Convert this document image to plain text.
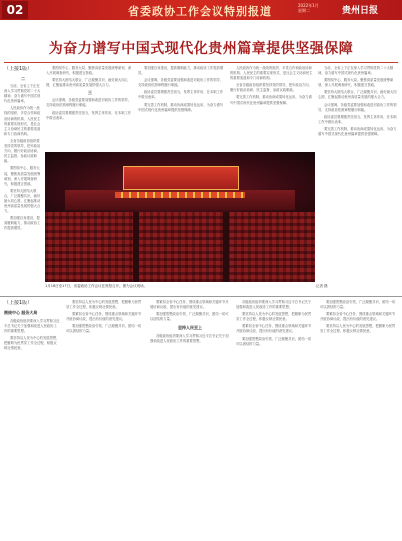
02	省委政协工作会议特别报道	2022年1月
星期二	贵州日报
为奋力谱写中国式现代化贵州篇章提供坚强保障
（上接1版）
二

当前，全省上下正在深入学习贯彻党的二十大精神，奋力谱写中国式现代化贵州篇章。

人民政协作为统一战线的组织、多党合作和政治协商的机构、人民民主的重要实现形式，是社会主义协商民主的重要渠道和专门协商机构。

全省各级政协组织要坚持党的领导，把牢政治方向，履行好政治协商、民主监督、参政议政职能。

要围绕中心、服务大局，聚焦高质量发展统筹谋划，深入开展调查研究，积极建言资政。

要坚持大团结大联合，广泛凝聚共识，画好最大同心圆，汇聚起推动贵州高质量发展的强大合力。

要加强自身建设，提高履职能力，推动政协工作提质增效。

要围绕中心、服务大局，聚焦高质量发展统筹谋划，深入开展调查研究，积极建言资政。

要坚持大团结大联合，广泛凝聚共识，画好最大同心圆，汇聚起推动贵州高质量发展的强大合力。

三

会议强调，各级党委要加强和改进对政协工作的领导，支持政协依照章程履行职能。

政协委员要增强责任担当，发挥主体作用，在本职工作中做出表率。

要加强自身建设，提高履职能力，推动政协工作提质增效。

会议强调，各级党委要加强和改进对政协工作的领导，支持政协依照章程履行职能。

政协委员要增强责任担当，发挥主体作用，在本职工作中做出表率。

要完善工作机制，推动协商成果转化运用，为奋力谱写中国式现代化贵州篇章提供坚强保障。

人民政协作为统一战线的组织、多党合作和政治协商的机构、人民民主的重要实现形式，是社会主义协商民主的重要渠道和专门协商机构。

全省各级政协组织要坚持党的领导，把牢政治方向，履行好政治协商、民主监督、参政议政职能。

要完善工作机制，推动协商成果转化运用，为奋力谱写中国式现代化贵州篇章提供坚强保障。

当前，全省上下正在深入学习贯彻党的二十大精神，奋力谱写中国式现代化贵州篇章。

要围绕中心、服务大局，聚焦高质量发展统筹谋划，深入开展调查研究，积极建言资政。

要坚持大团结大联合，广泛凝聚共识，画好最大同心圆，汇聚起推动贵州高质量发展的强大合力。

会议强调，各级党委要加强和改进对政协工作的领导，支持政协依照章程履行职能。

政协委员要增强责任担当，发挥主体作用，在本职工作中做出表率。

要完善工作机制，推动协商成果转化运用，为奋力谱写中国式现代化贵州篇章提供坚强保障。

1月16日至17日，省委政协工作会议在贵阳召开。图为会议现场。	记者 摄
（上接1版）
围绕中心 服务大局

各级政协组织要深入学习贯彻习近平总书记关于加强和改进人民政协工作的重要思想。

要坚持以人民为中心的发展思想，把履职为民贯穿工作全过程，积极反映社情民意。

要坚持以人民为中心的发展思想，把履职为民贯穿工作全过程，积极反映社情民意。

要紧扣全省中心任务，围绕重点领域和关键环节开展协商议政，提出有价值的意见建议。

要加强思想政治引领，广泛凝聚共识，团结一切可以团结的力量。

要紧扣全省中心任务，围绕重点领域和关键环节开展协商议政，提出有价值的意见建议。

要加强思想政治引领，广泛凝聚共识，团结一切可以团结的力量。

坚持人民至上

各级政协组织要深入学习贯彻习近平总书记关于加强和改进人民政协工作的重要思想。

各级政协组织要深入学习贯彻习近平总书记关于加强和改进人民政协工作的重要思想。

要坚持以人民为中心的发展思想，把履职为民贯穿工作全过程，积极反映社情民意。

要紧扣全省中心任务，围绕重点领域和关键环节开展协商议政，提出有价值的意见建议。

要加强思想政治引领，广泛凝聚共识，团结一切可以团结的力量。

要加强思想政治引领，广泛凝聚共识，团结一切可以团结的力量。

要紧扣全省中心任务，围绕重点领域和关键环节开展协商议政，提出有价值的意见建议。

要坚持以人民为中心的发展思想，把履职为民贯穿工作全过程，积极反映社情民意。
